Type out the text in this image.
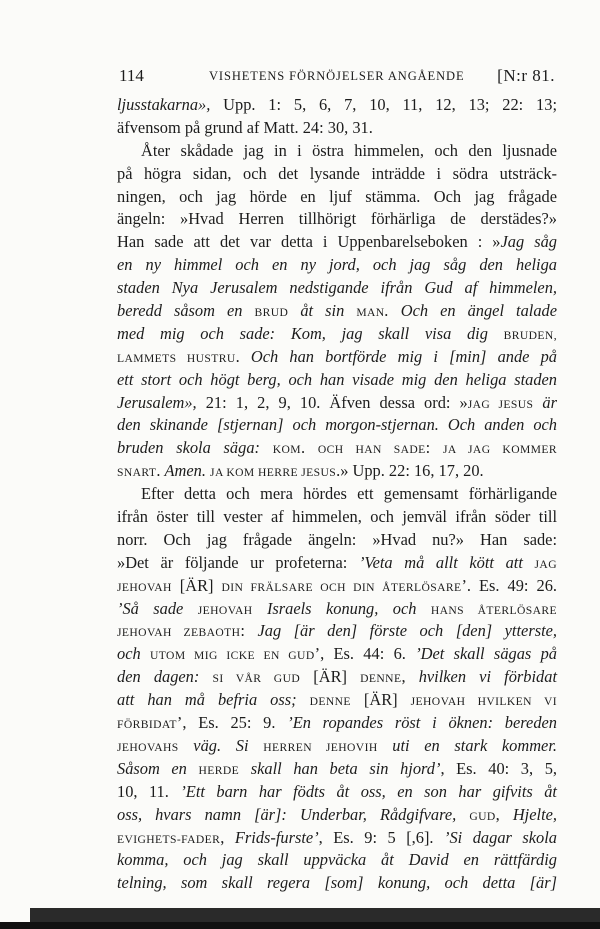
114	VISHETENS FÖRNÖJELSER ANGÅENDE [N:r 81.
ljusstakarna», Upp. 1: 5, 6, 7, 10, 11, 12, 13; 22: 13;
äfvensom på grund af Matt. 24: 30, 31.
Åter skådade jag in i östra himmelen, och den ljusnade
på högra sidan, och det lysande inträdde i södra utsträck-
ningen, och jag hörde en ljuf stämma. Och jag frågade
ängeln: »Hvad Herren tillhörigt förhärliga de derstädes?»
Han sade att det var detta i Uppenbarelseboken : »Jag såg
en ny himmel och en ny jord, och jag såg den heliga
staden Nya Jerusalem nedstigande ifrån Gud af himmelen,
beredd såsom en BRUD åt sin MAN. Och en ängel talade
med mig och sade: Kom, jag skall visa dig BRUDEN,
LAMMETS HUSTRU. Och han bortförde mig i [min] ande på
ett stort och högt berg, och han visade mig den heliga staden
Jerusalem», 21: 1, 2, 9, 10. Äfven dessa ord: »JAG JESUS är
den skinande [stjernan] och morgon-stjernan. Och anden och
bruden skola säga: KOM. OCH HAN SADE: JA JAG KOMMER
SNART. Amen. JA KOM HERRE JESUS.» Upp. 22: 16, 17, 20.
Efter detta och mera hördes ett gemensamt förhärligande
ifrån öster till vester af himmelen, och jemväl ifrån söder till
norr. Och jag frågade ängeln: »Hvad nu?» Han sade:
»Det är följande ur profeterna: ’Veta må allt kött att JAG
JEHOVAH [ÄR] DIN FRÄLSARE OCH DIN ÅTERLÖSARE’. Es. 49: 26.
’Så sade JEHOVAH Israels konung, och HANS ÅTERLÖSARE
JEHOVAH ZEBAOTH: Jag [är den] förste och [den] ytterste,
och UTOM MIG ICKE EN GUD’, Es. 44: 6. ’Det skall sägas på
den dagen: SI VÅR GUD [ÄR] DENNE, hvilken vi förbidat
att han må befria oss; DENNE [ÄR] JEHOVAH HVILKEN VI
FÖRBIDAT’, Es. 25: 9. ’En ropandes röst i öknen: bereden
JEHOVAHS väg. Si HERREN JEHOVIH uti en stark kommer.
Såsom en HERDE skall han beta sin hjord’, Es. 40: 3, 5,
10, 11. ’Ett barn har födts åt oss, en son har gifvits åt
oss, hvars namn [är]: Underbar, Rådgifvare, GUD, Hjelte,
EVIGHETS-FADER, Frids-furste’, Es. 9: 5 [,6]. ’Si dagar skola
komma, och jag skall uppväcka åt David en rättfärdig
telning, som skall regera [som] konung, och detta [är]
